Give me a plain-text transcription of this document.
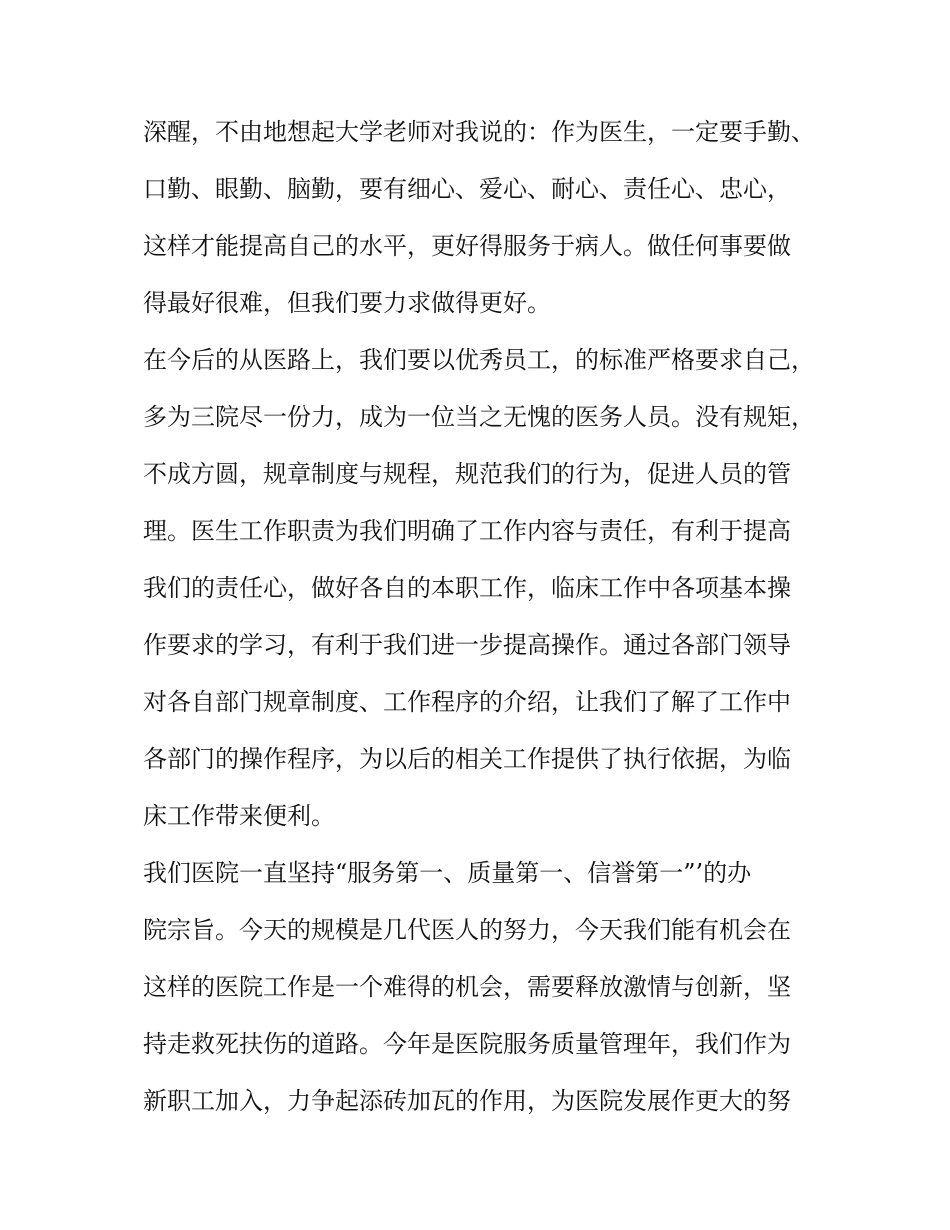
深醒，不由地想起大学老师对我说的：作为医生，一定要手勤、
口勤、眼勤、脑勤，要有细心、爱心、耐心、责任心、忠心，
这样才能提高自己的水平，更好得服务于病人。做任何事要做
得最好很难，但我们要力求做得更好。
在今后的从医路上，我们要以优秀员工，的标准严格要求自己，
多为三院尽一份力，成为一位当之无愧的医务人员。没有规矩，
不成方圆，规章制度与规程，规范我们的行为，促进人员的管
理。医生工作职责为我们明确了工作内容与责任，有利于提高
我们的责任心，做好各自的本职工作，临床工作中各项基本操
作要求的学习，有利于我们进一步提高操作。通过各部门领导
对各自部门规章制度、工作程序的介绍，让我们了解了工作中
各部门的操作程序，为以后的相关工作提供了执行依据，为临
床工作带来便利。
我们医院一直坚持“服务第一、质量第一、信誉第一”’的办
院宗旨。今天的规模是几代医人的努力，今天我们能有机会在
这样的医院工作是一个难得的机会，需要释放激情与创新，坚
持走救死扶伤的道路。今年是医院服务质量管理年，我们作为
新职工加入，力争起添砖加瓦的作用，为医院发展作更大的努
